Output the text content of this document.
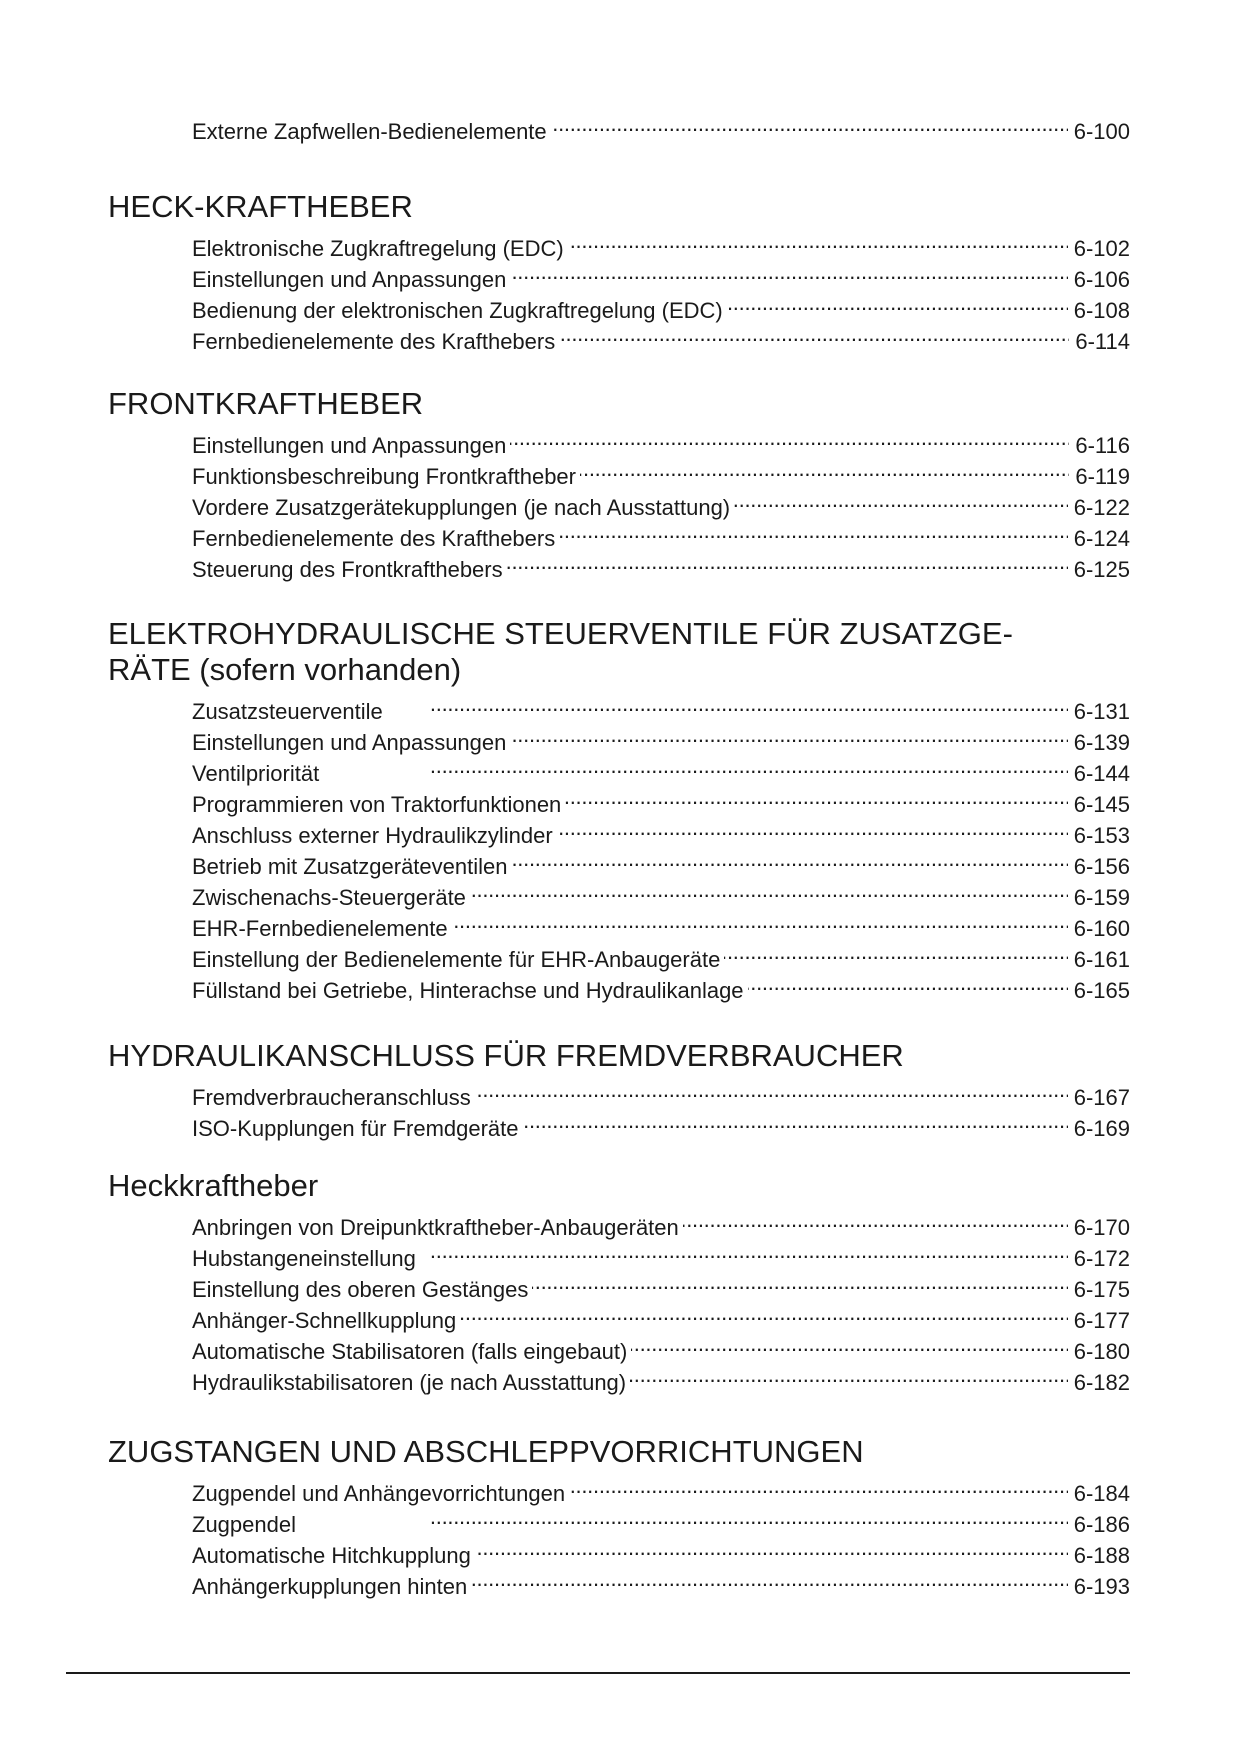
Externe Zapfwellen-Bedienelemente . . .	6-100
HECK-KRAFTHEBER
Elektronische Zugkraftregelung (EDC) . . .	6-102
Einstellungen und Anpassungen . . .	6-106
Bedienung der elektronischen Zugkraftregelung (EDC) . . .	6-108
Fernbedienelemente des Krafthebers . . .	6-114
FRONTKRAFTHEBER
Einstellungen und Anpassungen . . .	6-116
Funktionsbeschreibung Frontkraftheber . . .	6-119
Vordere Zusatzgerätekupplungen (je nach Ausstattung) . . .	6-122
Fernbedienelemente des Krafthebers . . .	6-124
Steuerung des Frontkrafthebers . . .	6-125
ELEKTROHYDRAULISCHE STEUERVENTILE FÜR ZUSATZGE-
RÄTE (sofern vorhanden)
Zusatzsteuerventile . . .	6-131
Einstellungen und Anpassungen . . .	6-139
Ventilpriorität . . .	6-144
Programmieren von Traktorfunktionen . . .	6-145
Anschluss externer Hydraulikzylinder . . .	6-153
Betrieb mit Zusatzgeräteventilen . . .	6-156
Zwischenachs-Steuergeräte . . .	6-159
EHR-Fernbedienelemente . . .	6-160
Einstellung der Bedienelemente für EHR-Anbaugeräte . . .	6-161
Füllstand bei Getriebe, Hinterachse und Hydraulikanlage . . .	6-165
HYDRAULIKANSCHLUSS FÜR FREMDVERBRAUCHER
Fremdverbraucheranschluss . . .	6-167
ISO-Kupplungen für Fremdgeräte . . .	6-169
Heckkraftheber
Anbringen von Dreipunktkraftheber-Anbaugeräten . . .	6-170
Hubstangeneinstellung . . .	6-172
Einstellung des oberen Gestänges . . .	6-175
Anhänger-Schnellkupplung . . .	6-177
Automatische Stabilisatoren (falls eingebaut) . . .	6-180
Hydraulikstabilisatoren (je nach Ausstattung) . . .	6-182
ZUGSTANGEN UND ABSCHLEPPVORRICHTUNGEN
Zugpendel und Anhängevorrichtungen . . .	6-184
Zugpendel . . .	6-186
Automatische Hitchkupplung . . .	6-188
Anhängerkupplungen hinten . . .	6-193
